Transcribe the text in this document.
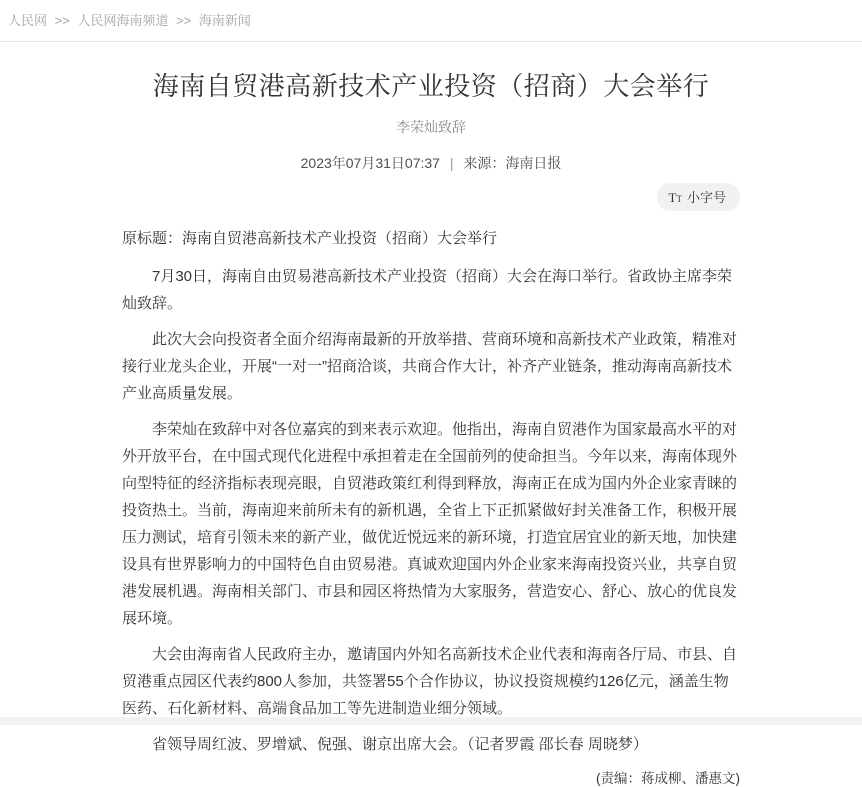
人民网 >> 人民网海南频道 >> 海南新闻
海南自贸港高新技术产业投资（招商）大会举行
李荣灿致辞
2023年07月31日07:37 | 来源：海南日报
TT 小字号

原标题：海南自贸港高新技术产业投资（招商）大会举行

7月30日，海南自由贸易港高新技术产业投资（招商）大会在海口举行。省政协主席李荣灿致辞。

此次大会向投资者全面介绍海南最新的开放举措、营商环境和高新技术产业政策，精准对接行业龙头企业，开展“一对一”招商洽谈，共商合作大计，补齐产业链条，推动海南高新技术产业高质量发展。

李荣灿在致辞中对各位嘉宾的到来表示欢迎。他指出，海南自贸港作为国家最高水平的对外开放平台，在中国式现代化进程中承担着走在全国前列的使命担当。今年以来，海南体现外向型特征的经济指标表现亮眼，自贸港政策红利得到释放，海南正在成为国内外企业家青睐的投资热土。当前，海南迎来前所未有的新机遇，全省上下正抓紧做好封关准备工作，积极开展压力测试，培育引领未来的新产业，做优近悦远来的新环境，打造宜居宜业的新天地，加快建设具有世界影响力的中国特色自由贸易港。真诚欢迎国内外企业家来海南投资兴业，共享自贸港发展机遇。海南相关部门、市县和园区将热情为大家服务，营造安心、舒心、放心的优良发展环境。

大会由海南省人民政府主办，邀请国内外知名高新技术企业代表和海南各厅局、市县、自贸港重点园区代表约800人参加，共签署55个合作协议，协议投资规模约126亿元，涵盖生物医药、石化新材料、高端食品加工等先进制造业细分领域。

省领导周红波、罗增斌、倪强、谢京出席大会。（记者罗霞 邵长春 周晓梦）

(责编：蒋成柳、潘惠文)
